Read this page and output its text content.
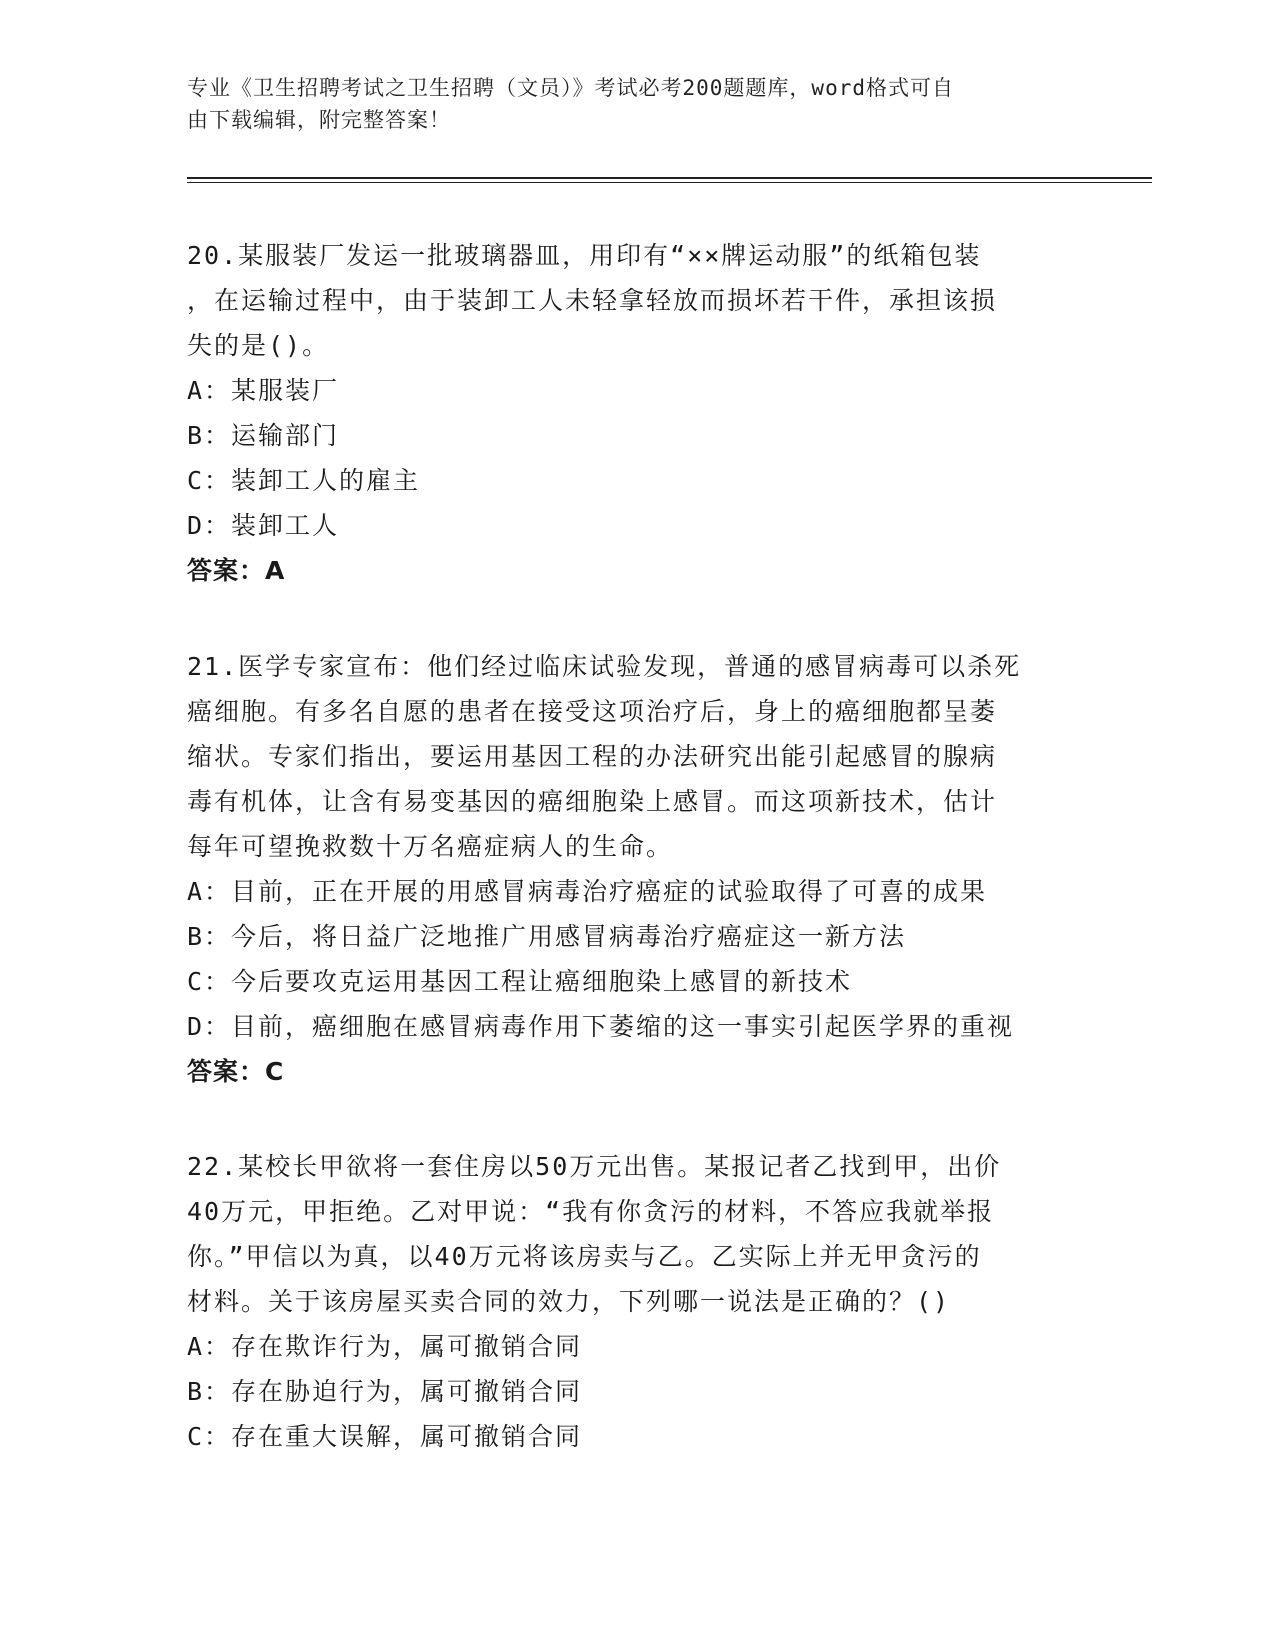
专业《卫生招聘考试之卫生招聘（文员）》考试必考200题题库，word格式可自
由下载编辑，附完整答案！

20.某服装厂发运一批玻璃器皿，用印有“××牌运动服”的纸箱包装

，在运输过程中，由于装卸工人未轻拿轻放而损坏若干件，承担该损

失的是()。

A：某服装厂

B：运输部门

C：装卸工人的雇主

D：装卸工人

答案：A

21.医学专家宣布：他们经过临床试验发现，普通的感冒病毒可以杀死

癌细胞。有多名自愿的患者在接受这项治疗后，身上的癌细胞都呈萎

缩状。专家们指出，要运用基因工程的办法研究出能引起感冒的腺病

毒有机体，让含有易变基因的癌细胞染上感冒。而这项新技术，估计

每年可望挽救数十万名癌症病人的生命。

A：目前，正在开展的用感冒病毒治疗癌症的试验取得了可喜的成果

B：今后，将日益广泛地推广用感冒病毒治疗癌症这一新方法

C：今后要攻克运用基因工程让癌细胞染上感冒的新技术

D：目前，癌细胞在感冒病毒作用下萎缩的这一事实引起医学界的重视

答案：C

22.某校长甲欲将一套住房以50万元出售。某报记者乙找到甲，出价

40万元，甲拒绝。乙对甲说：“我有你贪污的材料，不答应我就举报

你。”甲信以为真，以40万元将该房卖与乙。乙实际上并无甲贪污的

材料。关于该房屋买卖合同的效力，下列哪一说法是正确的？()

A：存在欺诈行为，属可撤销合同

B：存在胁迫行为，属可撤销合同

C：存在重大误解，属可撤销合同
